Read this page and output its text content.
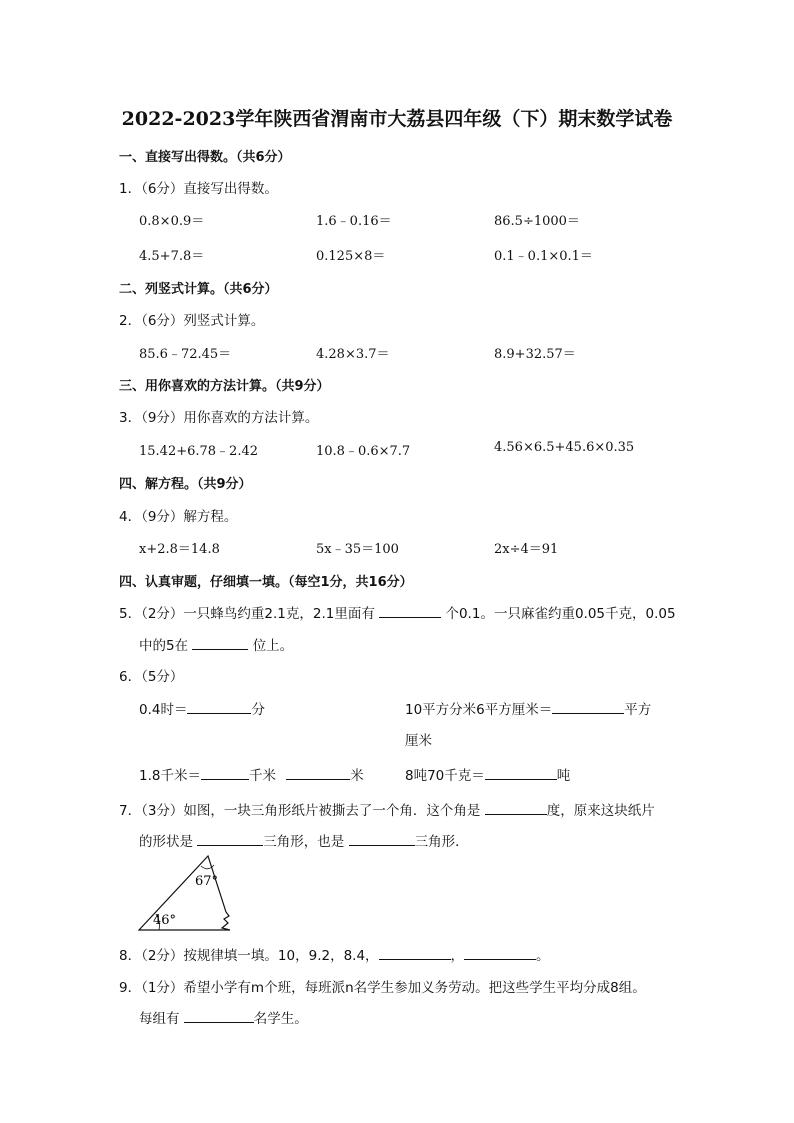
2022-2023学年陕西省渭南市大荔县四年级（下）期末数学试卷
一、直接写出得数。（共6分）
1．（6分）直接写出得数。
0.8×0.9＝	1.6﹣0.16＝	86.5÷1000＝
4.5+7.8＝	0.125×8＝	0.1﹣0.1×0.1＝
二、列竖式计算。（共6分）
2．（6分）列竖式计算。
85.6﹣72.45＝	4.28×3.7＝	8.9+32.57＝
三、用你喜欢的方法计算。（共9分）
3．（9分）用你喜欢的方法计算。
15.42+6.78﹣2.42	10.8﹣0.6×7.7	4.56×6.5+45.6×0.35
四、解方程。（共9分）
4．（9分）解方程。
x+2.8＝14.8	5x﹣35＝100	2x÷4＝91
四、认真审题，仔细填一填。（每空1分，共16分）
5．（2分）一只蜂鸟约重2.1克，2.1里面有	个0.1。一只麻雀约重0.05千克，0.05
中的5在	位上。
6．（5分）
0.4时＝	分	10平方分米6平方厘米＝	平方
厘米
1.8千米＝	千米	米	8吨70千克＝	吨
7．（3分）如图，一块三角形纸片被撕去了一个角．这个角是	度，原来这块纸片
的形状是	三角形，也是	三角形．
67°
46°
8．（2分）按规律填一填。10，9.2，8.4，	，	。
9．（1分）希望小学有m个班，每班派n名学生参加义务劳动。把这些学生平均分成8组。
每组有	名学生。
